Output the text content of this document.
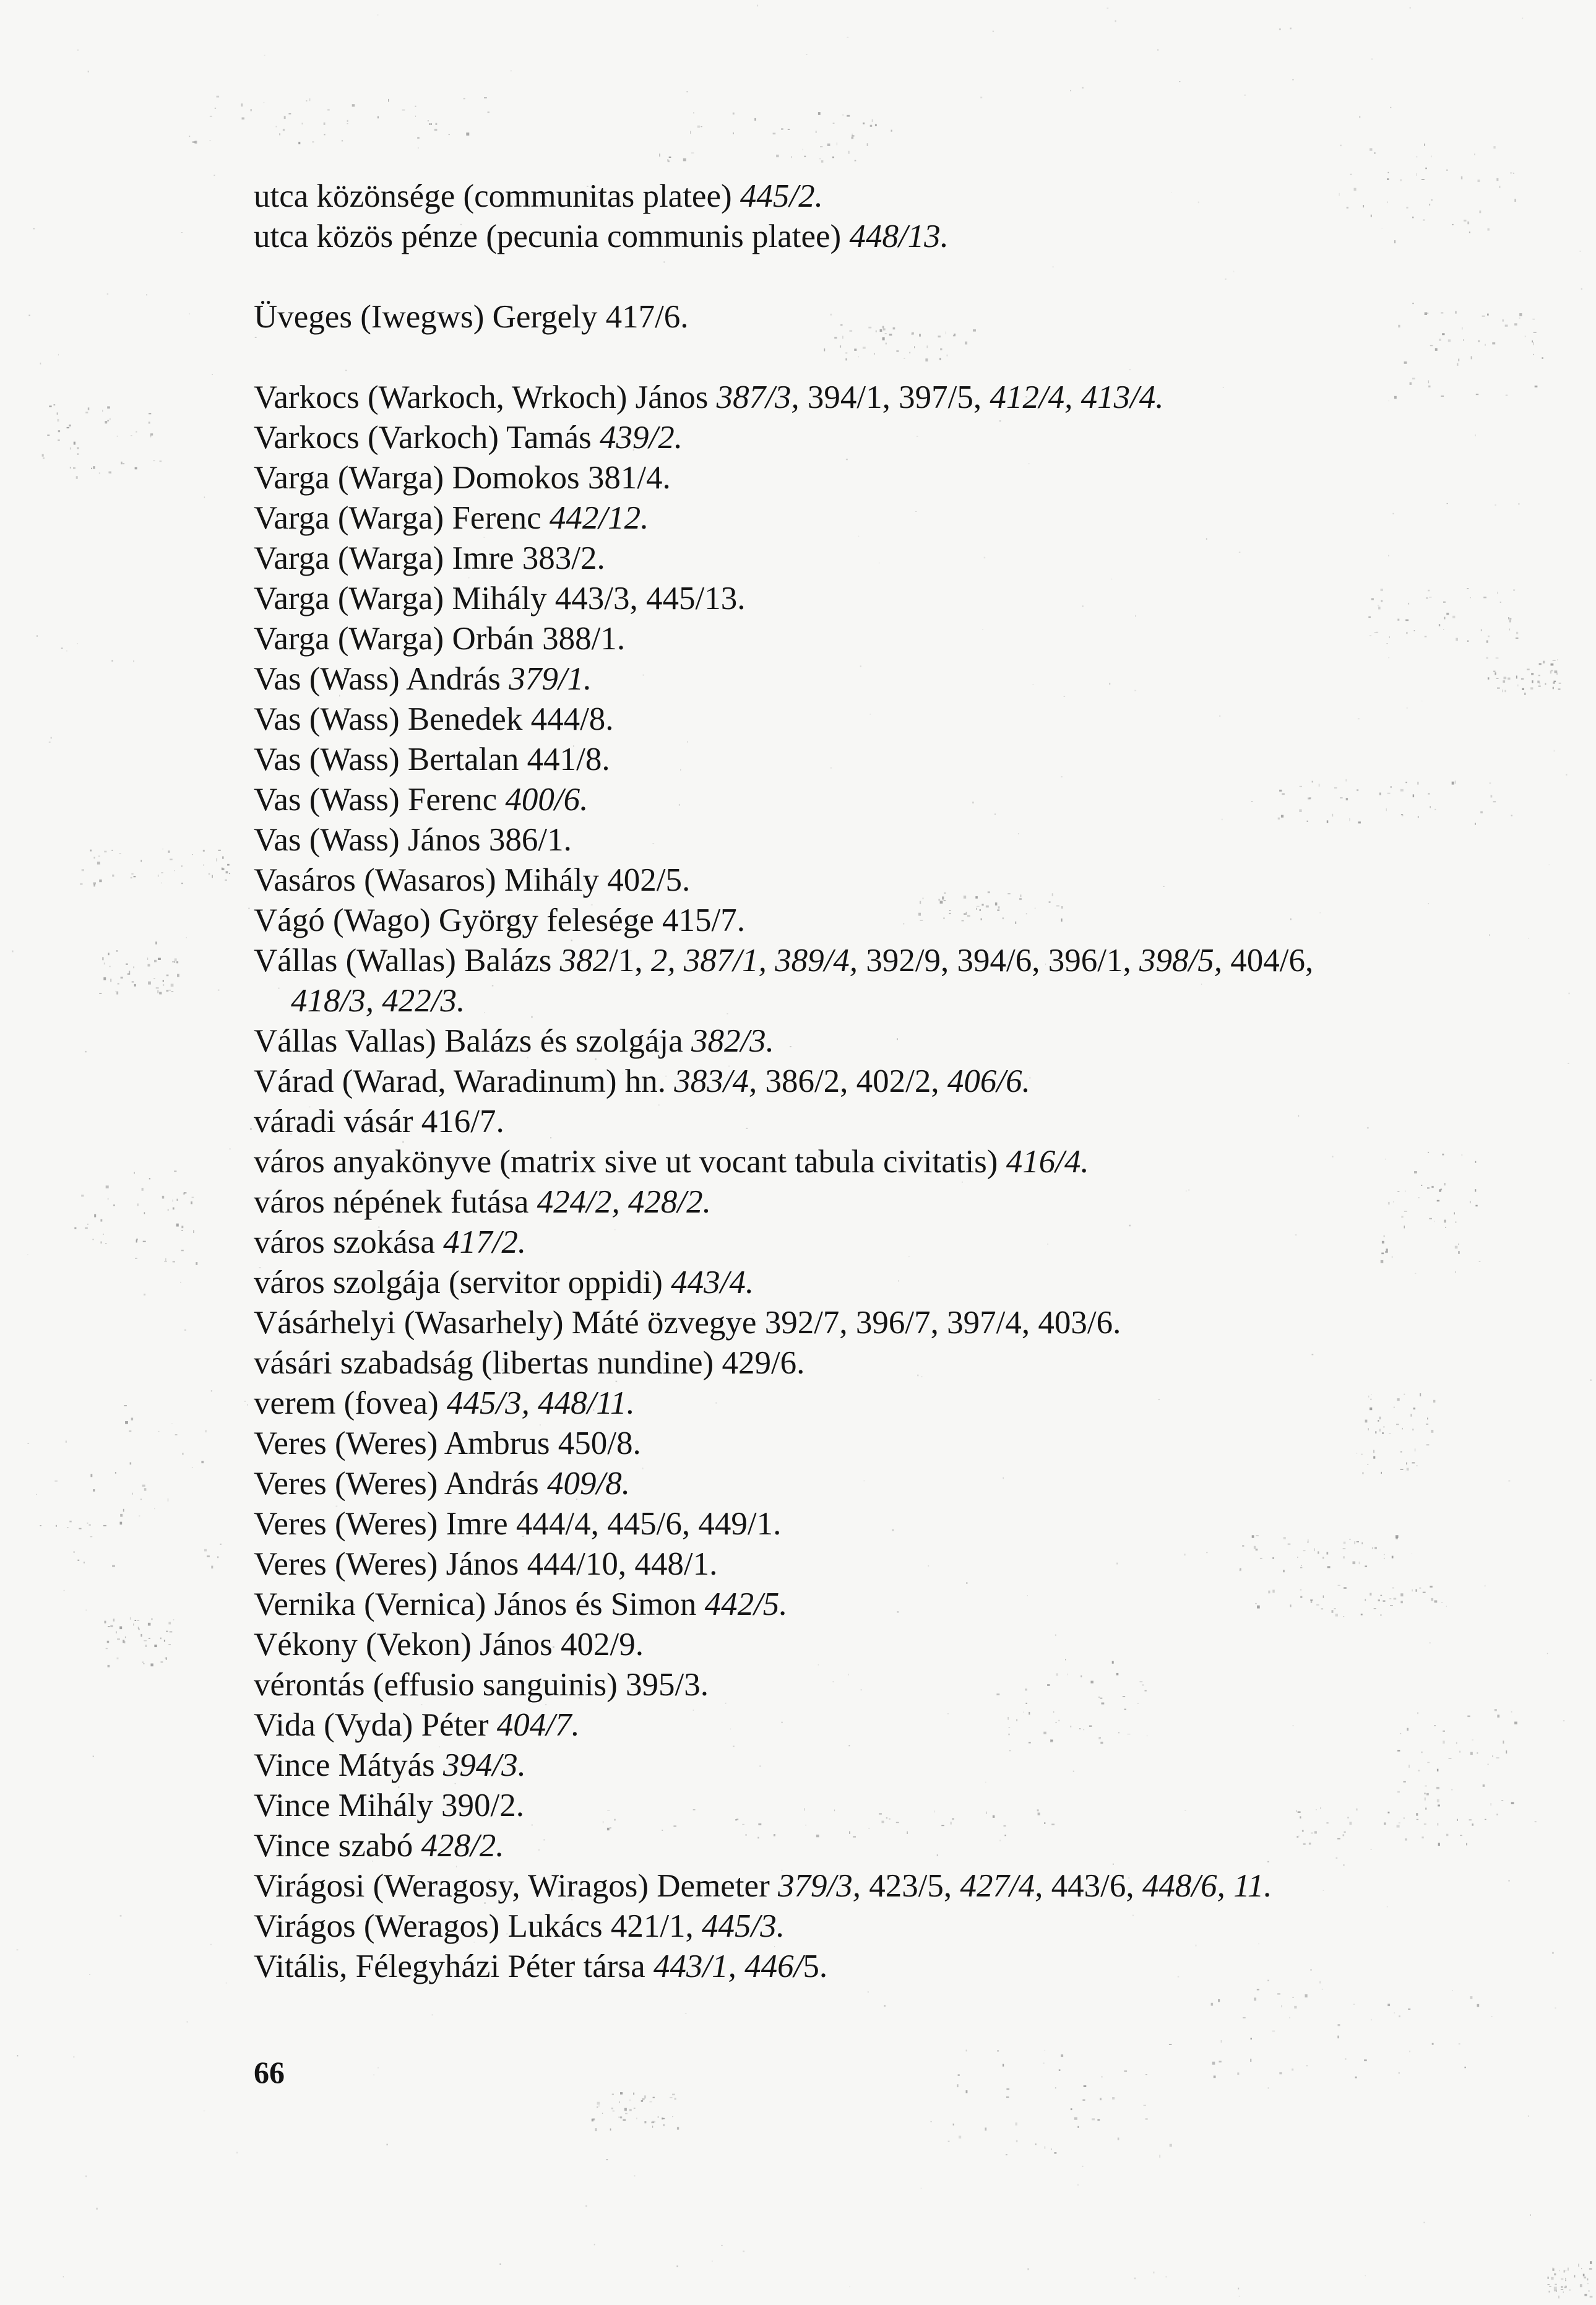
utca közönsége (communitas platee) 445/2.
utca közös pénze (pecunia communis platee) 448/13.
Üveges (Iwegws) Gergely 417/6.
Varkocs (Warkoch, Wrkoch) János 387/3, 394/1, 397/5, 412/4, 413/4.
Varkocs (Varkoch) Tamás 439/2.
Varga (Warga) Domokos 381/4.
Varga (Warga) Ferenc 442/12.
Varga (Warga) Imre 383/2.
Varga (Warga) Mihály 443/3, 445/13.
Varga (Warga) Orbán 388/1.
Vas (Wass) András 379/1.
Vas (Wass) Benedek 444/8.
Vas (Wass) Bertalan 441/8.
Vas (Wass) Ferenc 400/6.
Vas (Wass) János 386/1.
Vasáros (Wasaros) Mihály 402/5.
Vágó (Wago) György felesége 415/7.
Vállas (Wallas) Balázs 382/1, 2, 387/1, 389/4, 392/9, 394/6, 396/1, 398/5, 404/6,
418/3, 422/3.
Vállas Vallas) Balázs és szolgája 382/3.
Várad (Warad, Waradinum) hn. 383/4, 386/2, 402/2, 406/6.
váradi vásár 416/7.
város anyakönyve (matrix sive ut vocant tabula civitatis) 416/4.
város népének futása 424/2, 428/2.
város szokása 417/2.
város szolgája (servitor oppidi) 443/4.
Vásárhelyi (Wasarhely) Máté özvegye 392/7, 396/7, 397/4, 403/6.
vásári szabadság (libertas nundine) 429/6.
verem (fovea) 445/3, 448/11.
Veres (Weres) Ambrus 450/8.
Veres (Weres) András 409/8.
Veres (Weres) Imre 444/4, 445/6, 449/1.
Veres (Weres) János 444/10, 448/1.
Vernika (Vernica) János és Simon 442/5.
Vékony (Vekon) János 402/9.
vérontás (effusio sanguinis) 395/3.
Vida (Vyda) Péter 404/7.
Vince Mátyás 394/3.
Vince Mihály 390/2.
Vince szabó 428/2.
Virágosi (Weragosy, Wiragos) Demeter 379/3, 423/5, 427/4, 443/6, 448/6, 11.
Virágos (Weragos) Lukács 421/1, 445/3.
Vitális, Félegyházi Péter társa 443/1, 446/5.
66
